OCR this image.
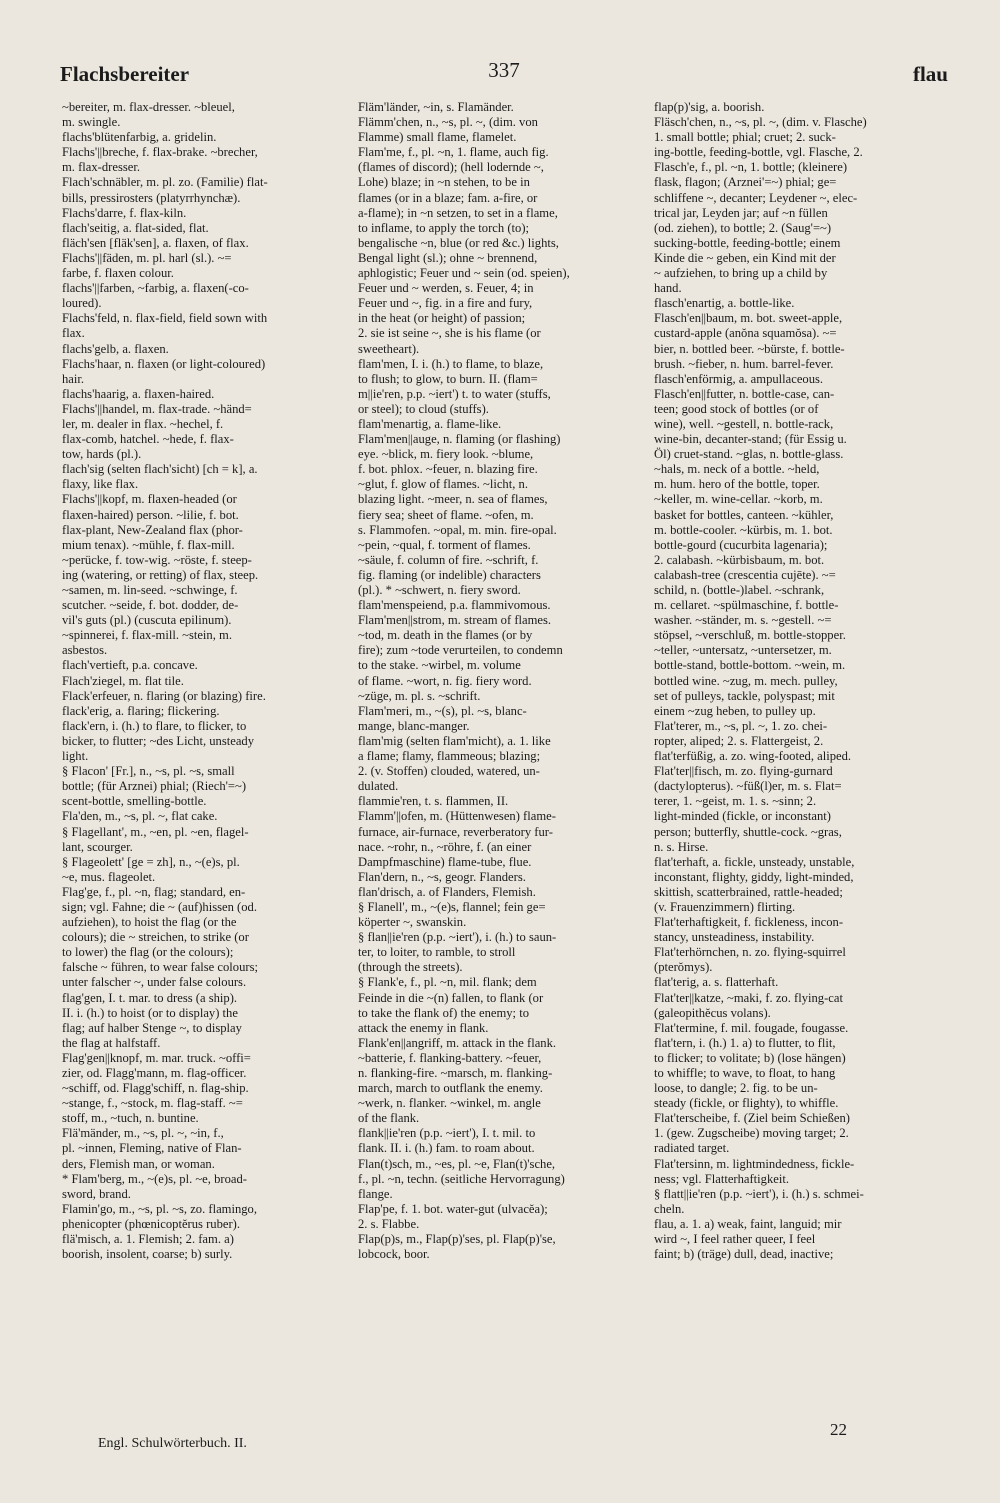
Flachsbereiter	337	flau
~bereiter, m. flax-dresser. ~bleuel,
m. swingle.
flachs'blütenfarbig, a. gridelin.
Flachs'||breche, f. flax-brake. ~brecher,
m. flax-dresser.
Flach'schnäbler, m. pl. zo. (Familie) flat-
bills, pressirosters (platyrrhynchæ).
Flachs'darre, f. flax-kiln.
flach'seitig, a. flat-sided, flat.
fläch'sen [fläk'sen], a. flaxen, of flax.
Flachs'||fäden, m. pl. harl (sl.). ~=
farbe, f. flaxen colour.
flachs'||farben, ~farbig, a. flaxen(-co-
loured).
Flachs'feld, n. flax-field, field sown with
flax.
flachs'gelb, a. flaxen.
Flachs'haar, n. flaxen (or light-coloured)
hair.
flachs'haarig, a. flaxen-haired.
Flachs'||handel, m. flax-trade. ~händ=
ler, m. dealer in flax. ~hechel, f.
flax-comb, hatchel. ~hede, f. flax-
tow, hards (pl.).
flach'sig (selten flach'sicht) [ch = k], a.
flaxy, like flax.
Flachs'||kopf, m. flaxen-headed (or
flaxen-haired) person. ~lilie, f. bot.
flax-plant, New-Zealand flax (phor-
mium tenax). ~mühle, f. flax-mill.
~perücke, f. tow-wig. ~röste, f. steep-
ing (watering, or retting) of flax, steep.
~samen, m. lin-seed. ~schwinge, f.
scutcher. ~seide, f. bot. dodder, de-
vil's guts (pl.) (cuscuta epilinum).
~spinnerei, f. flax-mill. ~stein, m.
asbestos.
flach'vertieft, p.a. concave.
Flach'ziegel, m. flat tile.
Flack'erfeuer, n. flaring (or blazing) fire.
flack'erig, a. flaring; flickering.
flack'ern, i. (h.) to flare, to flicker, to
bicker, to flutter; ~des Licht, unsteady
light.
§ Flacon' [Fr.], n., ~s, pl. ~s, small
bottle; (für Arznei) phial; (Riech'=~)
scent-bottle, smelling-bottle.
Fla'den, m., ~s, pl. ~, flat cake.
§ Flagellant', m., ~en, pl. ~en, flagel-
lant, scourger.
§ Flageolett' [ge = zh], n., ~(e)s, pl.
~e, mus. flageolet.
Flag'ge, f., pl. ~n, flag; standard, en-
sign; vgl. Fahne; die ~ (auf)hissen (od.
aufziehen), to hoist the flag (or the
colours); die ~ streichen, to strike (or
to lower) the flag (or the colours);
falsche ~ führen, to wear false colours;
unter falscher ~, under false colours.
flag'gen, I. t. mar. to dress (a ship).
II. i. (h.) to hoist (or to display) the
flag; auf halber Stenge ~, to display
the flag at halfstaff.
Flag'gen||knopf, m. mar. truck. ~offi=
zier, od. Flagg'mann, m. flag-officer.
~schiff, od. Flagg'schiff, n. flag-ship.
~stange, f., ~stock, m. flag-staff. ~=
stoff, m., ~tuch, n. buntine.
Flä'mänder, m., ~s, pl. ~, ~in, f.,
pl. ~innen, Fleming, native of Flan-
ders, Flemish man, or woman.
* Flam'berg, m., ~(e)s, pl. ~e, broad-
sword, brand.
Flamin'go, m., ~s, pl. ~s, zo. flamingo,
phenicopter (phœnicoptĕrus ruber).
flä'misch, a. 1. Flemish; 2. fam. a)
boorish, insolent, coarse; b) surly.
Fläm'länder, ~in, s. Flamänder.
Flämm'chen, n., ~s, pl. ~, (dim. von
Flamme) small flame, flamelet.
Flam'me, f., pl. ~n, 1. flame, auch fig.
(flames of discord); (hell lodernde ~,
Lohe) blaze; in ~n stehen, to be in
flames (or in a blaze; fam. a-fire, or
a-flame); in ~n setzen, to set in a flame,
to inflame, to apply the torch (to);
bengalische ~n, blue (or red &c.) lights,
Bengal light (sl.); ohne ~ brennend,
aphlogistic; Feuer und ~ sein (od. speien),
Feuer und ~ werden, s. Feuer, 4; in
Feuer und ~, fig. in a fire and fury,
in the heat (or height) of passion;
2. sie ist seine ~, she is his flame (or
sweetheart).
flam'men, I. i. (h.) to flame, to blaze,
to flush; to glow, to burn. II. (flam=
m||ie'ren, p.p. ~iert') t. to water (stuffs,
or steel); to cloud (stuffs).
flam'menartig, a. flame-like.
Flam'men||auge, n. flaming (or flashing)
eye. ~blick, m. fiery look. ~blume,
f. bot. phlox. ~feuer, n. blazing fire.
~glut, f. glow of flames. ~licht, n.
blazing light. ~meer, n. sea of flames,
fiery sea; sheet of flame. ~ofen, m.
s. Flammofen. ~opal, m. min. fire-opal.
~pein, ~qual, f. torment of flames.
~säule, f. column of fire. ~schrift, f.
fig. flaming (or indelible) characters
(pl.). * ~schwert, n. fiery sword.
flam'menspeiend, p.a. flammivomous.
Flam'men||strom, m. stream of flames.
~tod, m. death in the flames (or by
fire); zum ~tode verurteilen, to condemn
to the stake. ~wirbel, m. volume
of flame. ~wort, n. fig. fiery word.
~züge, m. pl. s. ~schrift.
Flam'meri, m., ~(s), pl. ~s, blanc-
mange, blanc-manger.
flam'mig (selten flam'micht), a. 1. like
a flame; flamy, flammeous; blazing;
2. (v. Stoffen) clouded, watered, un-
dulated.
flammie'ren, t. s. flammen, II.
Flamm'||ofen, m. (Hüttenwesen) flame-
furnace, air-furnace, reverberatory fur-
nace. ~rohr, n., ~röhre, f. (an einer
Dampfmaschine) flame-tube, flue.
Flan'dern, n., ~s, geogr. Flanders.
flan'drisch, a. of Flanders, Flemish.
§ Flanell', m., ~(e)s, flannel; fein ge=
köperter ~, swanskin.
§ flan||ie'ren (p.p. ~iert'), i. (h.) to saun-
ter, to loiter, to ramble, to stroll
(through the streets).
§ Flank'e, f., pl. ~n, mil. flank; dem
Feinde in die ~(n) fallen, to flank (or
to take the flank of) the enemy; to
attack the enemy in flank.
Flank'en||angriff, m. attack in the flank.
~batterie, f. flanking-battery. ~feuer,
n. flanking-fire. ~marsch, m. flanking-
march, march to outflank the enemy.
~werk, n. flanker. ~winkel, m. angle
of the flank.
flank||ie'ren (p.p. ~iert'), I. t. mil. to
flank. II. i. (h.) fam. to roam about.
Flan(t)sch, m., ~es, pl. ~e, Flan(t)'sche,
f., pl. ~n, techn. (seitliche Hervorragung)
flange.
Flap'pe, f. 1. bot. water-gut (ulvacĕa);
2. s. Flabbe.
Flap(p)s, m., Flap(p)'ses, pl. Flap(p)'se,
lobcock, boor.
flap(p)'sig, a. boorish.
Fläsch'chen, n., ~s, pl. ~, (dim. v. Flasche)
1. small bottle; phial; cruet; 2. suck-
ing-bottle, feeding-bottle, vgl. Flasche, 2.
Flasch'e, f., pl. ~n, 1. bottle; (kleinere)
flask, flagon; (Arznei'=~) phial; ge=
schliffene ~, decanter; Leydener ~, elec-
trical jar, Leyden jar; auf ~n füllen
(od. ziehen), to bottle; 2. (Saug'=~)
sucking-bottle, feeding-bottle; einem
Kinde die ~ geben, ein Kind mit der
~ aufziehen, to bring up a child by
hand.
flasch'enartig, a. bottle-like.
Flasch'en||baum, m. bot. sweet-apple,
custard-apple (anŏna squamŏsa). ~=
bier, n. bottled beer. ~bürste, f. bottle-
brush. ~fieber, n. hum. barrel-fever.
flasch'enförmig, a. ampullaceous.
Flasch'en||futter, n. bottle-case, can-
teen; good stock of bottles (or of
wine), well. ~gestell, n. bottle-rack,
wine-bin, decanter-stand; (für Essig u.
Öl) cruet-stand. ~glas, n. bottle-glass.
~hals, m. neck of a bottle. ~held,
m. hum. hero of the bottle, toper.
~keller, m. wine-cellar. ~korb, m.
basket for bottles, canteen. ~kühler,
m. bottle-cooler. ~kürbis, m. 1. bot.
bottle-gourd (cucurbita lagenaria);
2. calabash. ~kürbisbaum, m. bot.
calabash-tree (crescentia cujēte). ~=
schild, n. (bottle-)label. ~schrank,
m. cellaret. ~spülmaschine, f. bottle-
washer. ~ständer, m. s. ~gestell. ~=
stöpsel, ~verschluß, m. bottle-stopper.
~teller, ~untersatz, ~untersetzer, m.
bottle-stand, bottle-bottom. ~wein, m.
bottled wine. ~zug, m. mech. pulley,
set of pulleys, tackle, polyspast; mit
einem ~zug heben, to pulley up.
Flat'terer, m., ~s, pl. ~, 1. zo. chei-
ropter, aliped; 2. s. Flattergeist, 2.
flat'terfüßig, a. zo. wing-footed, aliped.
Flat'ter||fisch, m. zo. flying-gurnard
(dactylopterus). ~füß(l)er, m. s. Flat=
terer, 1. ~geist, m. 1. s. ~sinn; 2.
light-minded (fickle, or inconstant)
person; butterfly, shuttle-cock. ~gras,
n. s. Hirse.
flat'terhaft, a. fickle, unsteady, unstable,
inconstant, flighty, giddy, light-minded,
skittish, scatterbrained, rattle-headed;
(v. Frauenzimmern) flirting.
Flat'terhaftigkeit, f. fickleness, incon-
stancy, unsteadiness, instability.
Flat'terhörnchen, n. zo. flying-squirrel
(pterŏmys).
flat'terig, a. s. flatterhaft.
Flat'ter||katze, ~maki, f. zo. flying-cat
(galeopithĕcus volans).
Flat'termine, f. mil. fougade, fougasse.
flat'tern, i. (h.) 1. a) to flutter, to flit,
to flicker; to volitate; b) (lose hängen)
to whiffle; to wave, to float, to hang
loose, to dangle; 2. fig. to be un-
steady (fickle, or flighty), to whiffle.
Flat'terscheibe, f. (Ziel beim Schießen)
1. (gew. Zugscheibe) moving target; 2.
radiated target.
Flat'tersinn, m. lightmindedness, fickle-
ness; vgl. Flatterhaftigkeit.
§ flatt||ie'ren (p.p. ~iert'), i. (h.) s. schmei-
cheln.
flau, a. 1. a) weak, faint, languid; mir
wird ~, I feel rather queer, I feel
faint; b) (träge) dull, dead, inactive;
Engl. Schulwörterbuch. II.
22
